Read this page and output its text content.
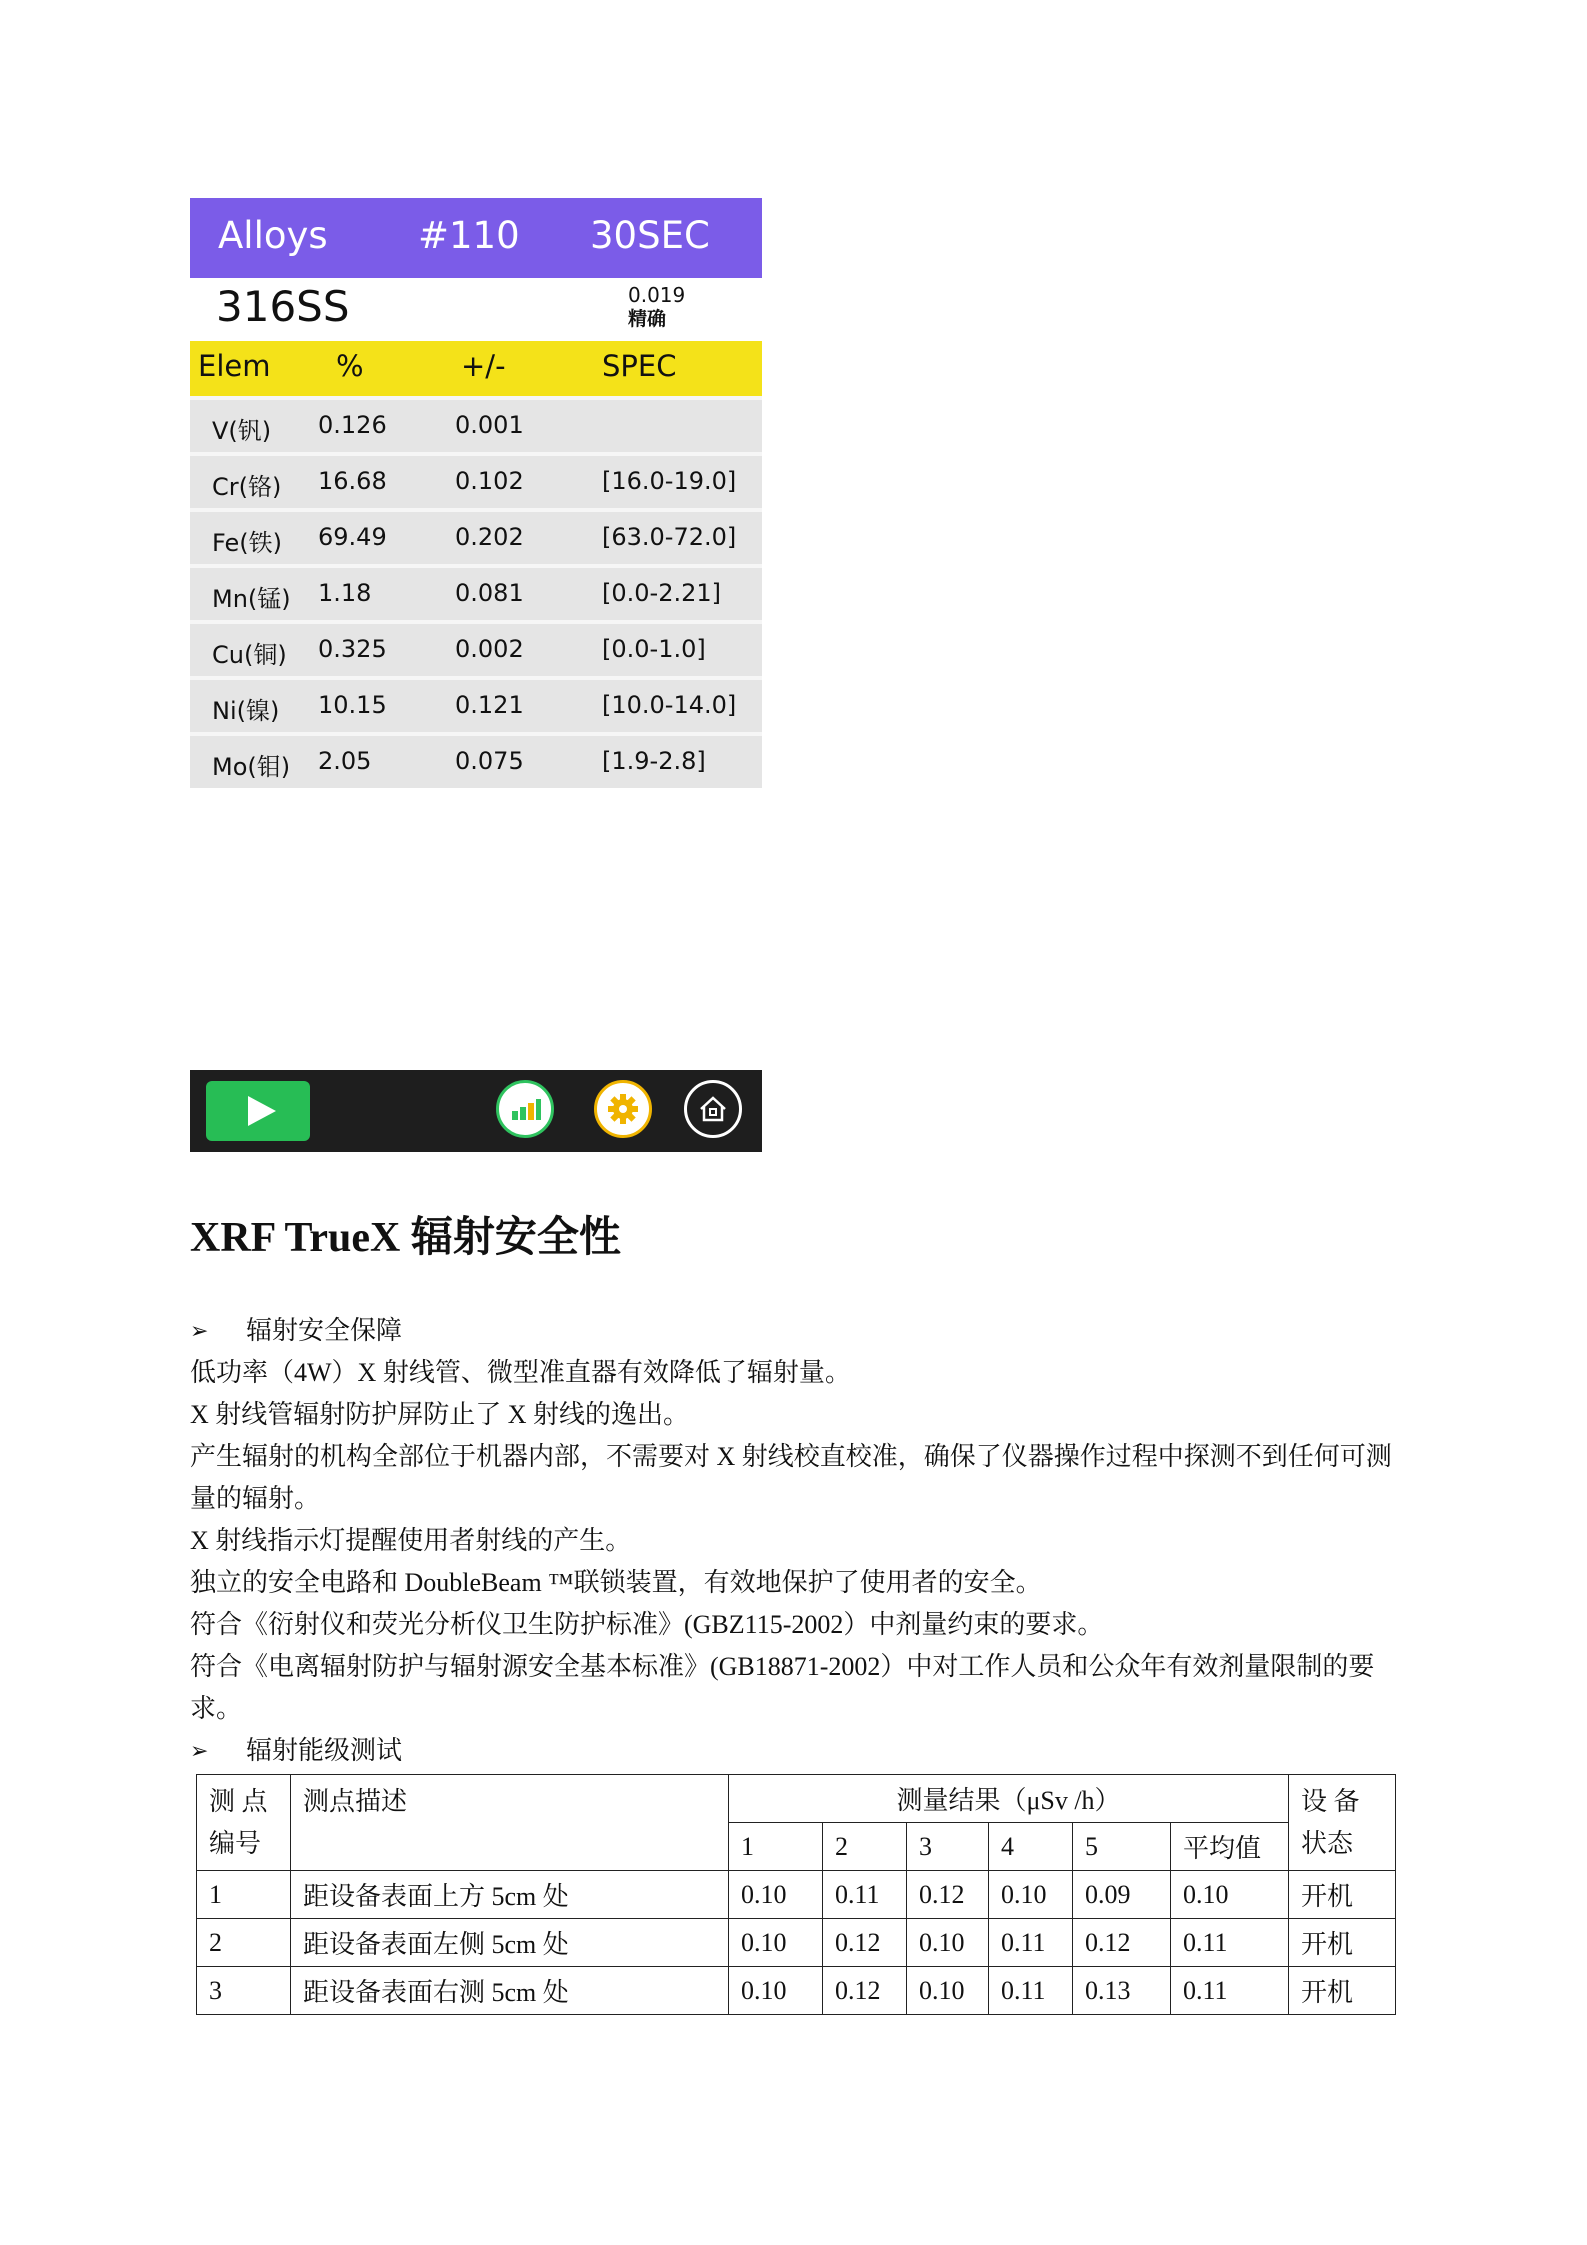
Alloys #110 30SEC
316SS	0.019
精确
Elem %	+/-	SPEC
V(钒) 0.126	0.001
Cr(铬) 16.68	0.102	[16.0-19.0]
Fe(铁) 69.49	0.202	[63.0-72.0]
Mn(锰) 1.18	0.081	[0.0-2.21]
Cu(铜) 0.325	0.002	[0.0-1.0]
Ni(镍) 10.15	0.121	[10.0-14.0]
Mo(钼) 2.05	0.075	[1.9-2.8]
XRF TrueX 辐射安全性
➢	辐射安全保障

低功率（4W）X 射线管、微型准直器有效降低了辐射量。

X 射线管辐射防护屏防止了 X 射线的逸出。

产生辐射的机构全部位于机器内部，不需要对 X 射线校直校准，确保了仪器操作过程中探测不到任何可测量的辐射。

X 射线指示灯提醒使用者射线的产生。

独立的安全电路和 DoubleBeam ™联锁装置，有效地保护了使用者的安全。

符合《衍射仪和荧光分析仪卫生防护标准》(GBZ115-2002）中剂量约束的要求。

符合《电离辐射防护与辐射源安全基本标准》(GB18871-2002）中对工作人员和公众年有效剂量限制的要求。

➢	辐射能级测试
测 点 编号	测点描述	测量结果（μSv /h）						设 备 状态
		1	2	3	4	5	平均值	
1	距设备表面上方 5cm 处	0.10	0.11	0.12	0.10	0.09	0.10	开机
2	距设备表面左侧 5cm 处	0.10	0.12	0.10	0.11	0.12	0.11	开机
3	距设备表面右测 5cm 处	0.10	0.12	0.10	0.11	0.13	0.11	开机
